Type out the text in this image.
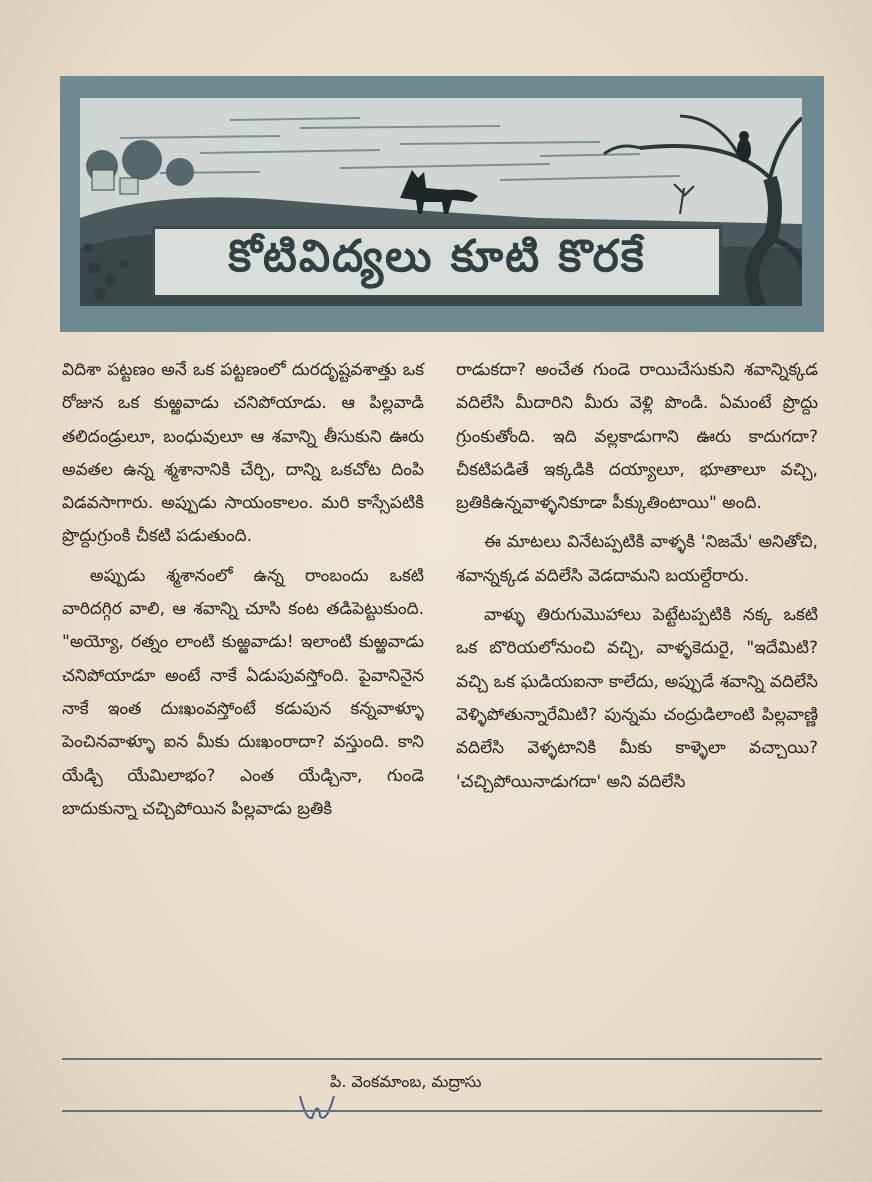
కోటివిద్యలు కూటి కొరకే

విదిశా పట్టణం అనే ఒక పట్టణంలో దురదృష్టవశాత్తు ఒక రోజున ఒక కుఱ్ఱవాడు చనిపోయాడు. ఆ పిల్లవాడి తలిదండ్రులూ, బంధువులూ ఆ శవాన్ని తీసుకుని ఊరు అవతల ఉన్న శ్మశానానికి చేర్చి, దాన్ని ఒకచోట దింపి విడవసాగారు. అప్పుడు సాయంకాలం. మరి కాస్సేపటికి ప్రొద్దుగ్రుంకి చీకటి పడుతుంది.

అప్పుడు శ్మశానంలో ఉన్న రాంబందు ఒకటి వారిదగ్గిర వాలి, ఆ శవాన్ని చూసి కంట తడిపెట్టుకుంది. "అయ్యో, రత్నం లాంటి కుఱ్ఱవాడు! ఇలాంటి కుఱ్ఱవాడు చనిపోయాడూ అంటే నాకే ఏడుపువస్తోంది. పైవానినైన నాకే ఇంత దుఃఖంవస్తోంటే కడుపున కన్నవాళ్ళూ పెంచినవాళ్ళూ ఐన మీకు దుఃఖంరాదా? వస్తుంది. కాని యేడ్చి యేమిలాభం? ఎంత యేడ్చినా, గుండె బాదుకున్నా చచ్చిపోయిన పిల్లవాడు బ్రతికి

రాడుకదా? అంచేత గుండె రాయిచేసుకుని శవాన్నిక్కడ వదిలేసి మీదారిని మీరు వెళ్లి పొండి. ఏమంటే ప్రొద్దు గ్రుంకుతోంది. ఇది వల్లకాడుగాని ఊరు కాదుగదా? చీకటిపడితే ఇక్కడికి దయ్యాలూ, భూతాలూ వచ్చి, బ్రతికిఉన్నవాళ్ళనికూడా పీక్కుతింటాయి" అంది.

ఈ మాటలు వినేటప్పటికి వాళ్ళకి 'నిజమే' అనితోచి, శవాన్నక్కడ వదిలేసి వెడదామని బయల్దేరారు.

వాళ్ళు తిరుగుమొహాలు పెట్టేటప్పటికి నక్క ఒకటి ఒక బొరియలోనుంచి వచ్చి, వాళ్ళకెదురై, "ఇదేమిటి? వచ్చి ఒక ఘడియఐనా కాలేదు, అప్పుడే శవాన్ని వదిలేసి వెళ్ళిపోతున్నారేమిటి? పున్నమ చంద్రుడిలాంటి పిల్లవాణ్ణి వదిలేసి వెళ్ళటానికి మీకు కాళ్ళెలా వచ్చాయి? 'చచ్చిపోయినాడుగదా' అని వదిలేసి

పి. వెంకమాంబ, మద్రాసు
